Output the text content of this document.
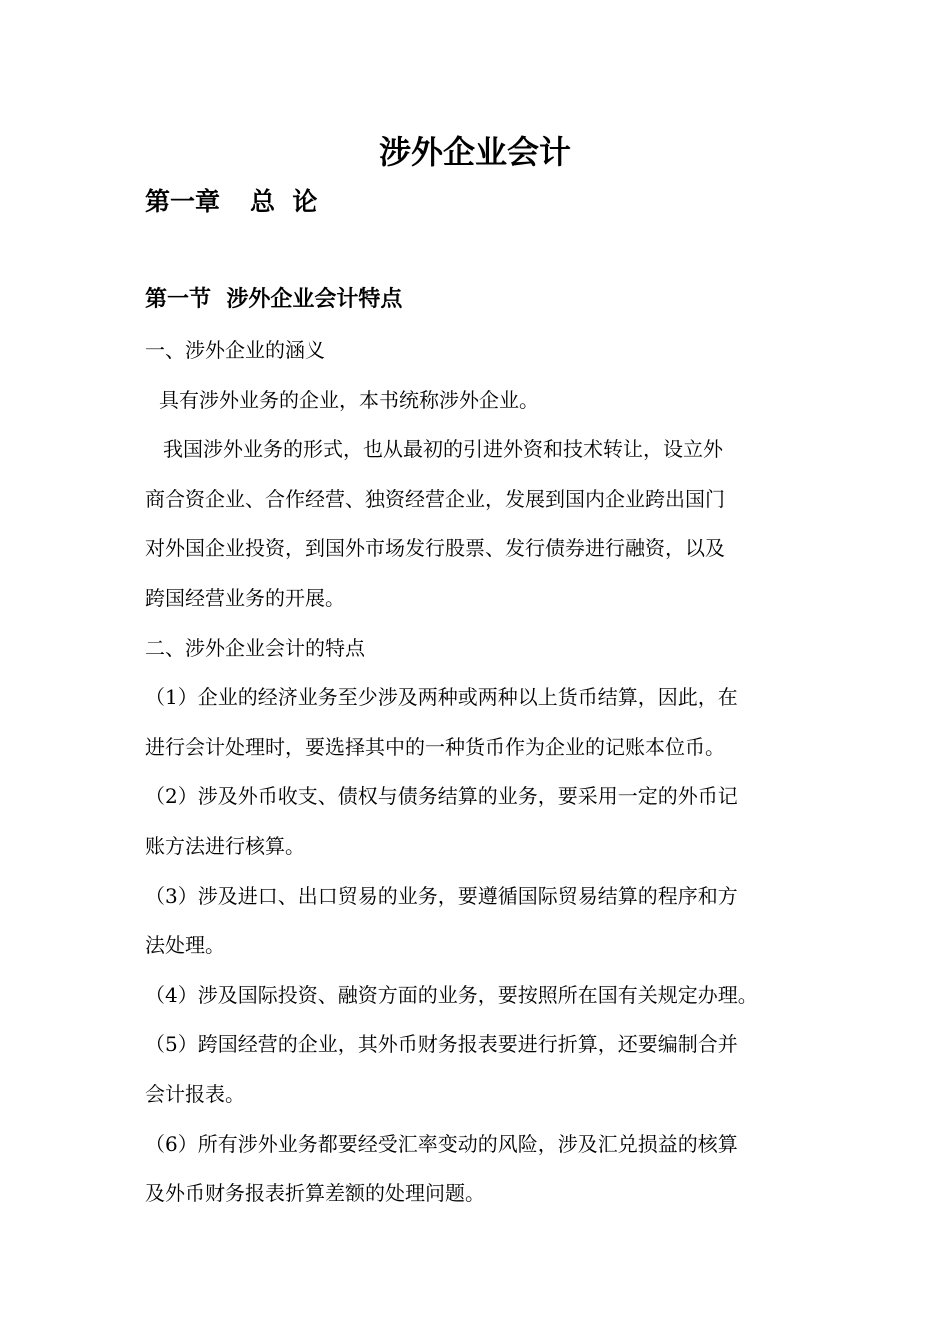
涉外企业会计
第一章 总  论
第一节  涉外企业会计特点
一、涉外企业的涵义
具有涉外业务的企业，本书统称涉外企业。
我国涉外业务的形式，也从最初的引进外资和技术转让，设立外
商合资企业、合作经营、独资经营企业，发展到国内企业跨出国门
对外国企业投资，到国外市场发行股票、发行债券进行融资，以及
跨国经营业务的开展。
二、涉外企业会计的特点
（1）企业的经济业务至少涉及两种或两种以上货币结算，因此，在
进行会计处理时，要选择其中的一种货币作为企业的记账本位币。
（2）涉及外币收支、债权与债务结算的业务，要采用一定的外币记
账方法进行核算。
（3）涉及进口、出口贸易的业务，要遵循国际贸易结算的程序和方
法处理。
（4）涉及国际投资、融资方面的业务，要按照所在国有关规定办理。
（5）跨国经营的企业，其外币财务报表要进行折算，还要编制合并
会计报表。
（6）所有涉外业务都要经受汇率变动的风险，涉及汇兑损益的核算
及外币财务报表折算差额的处理问题。
